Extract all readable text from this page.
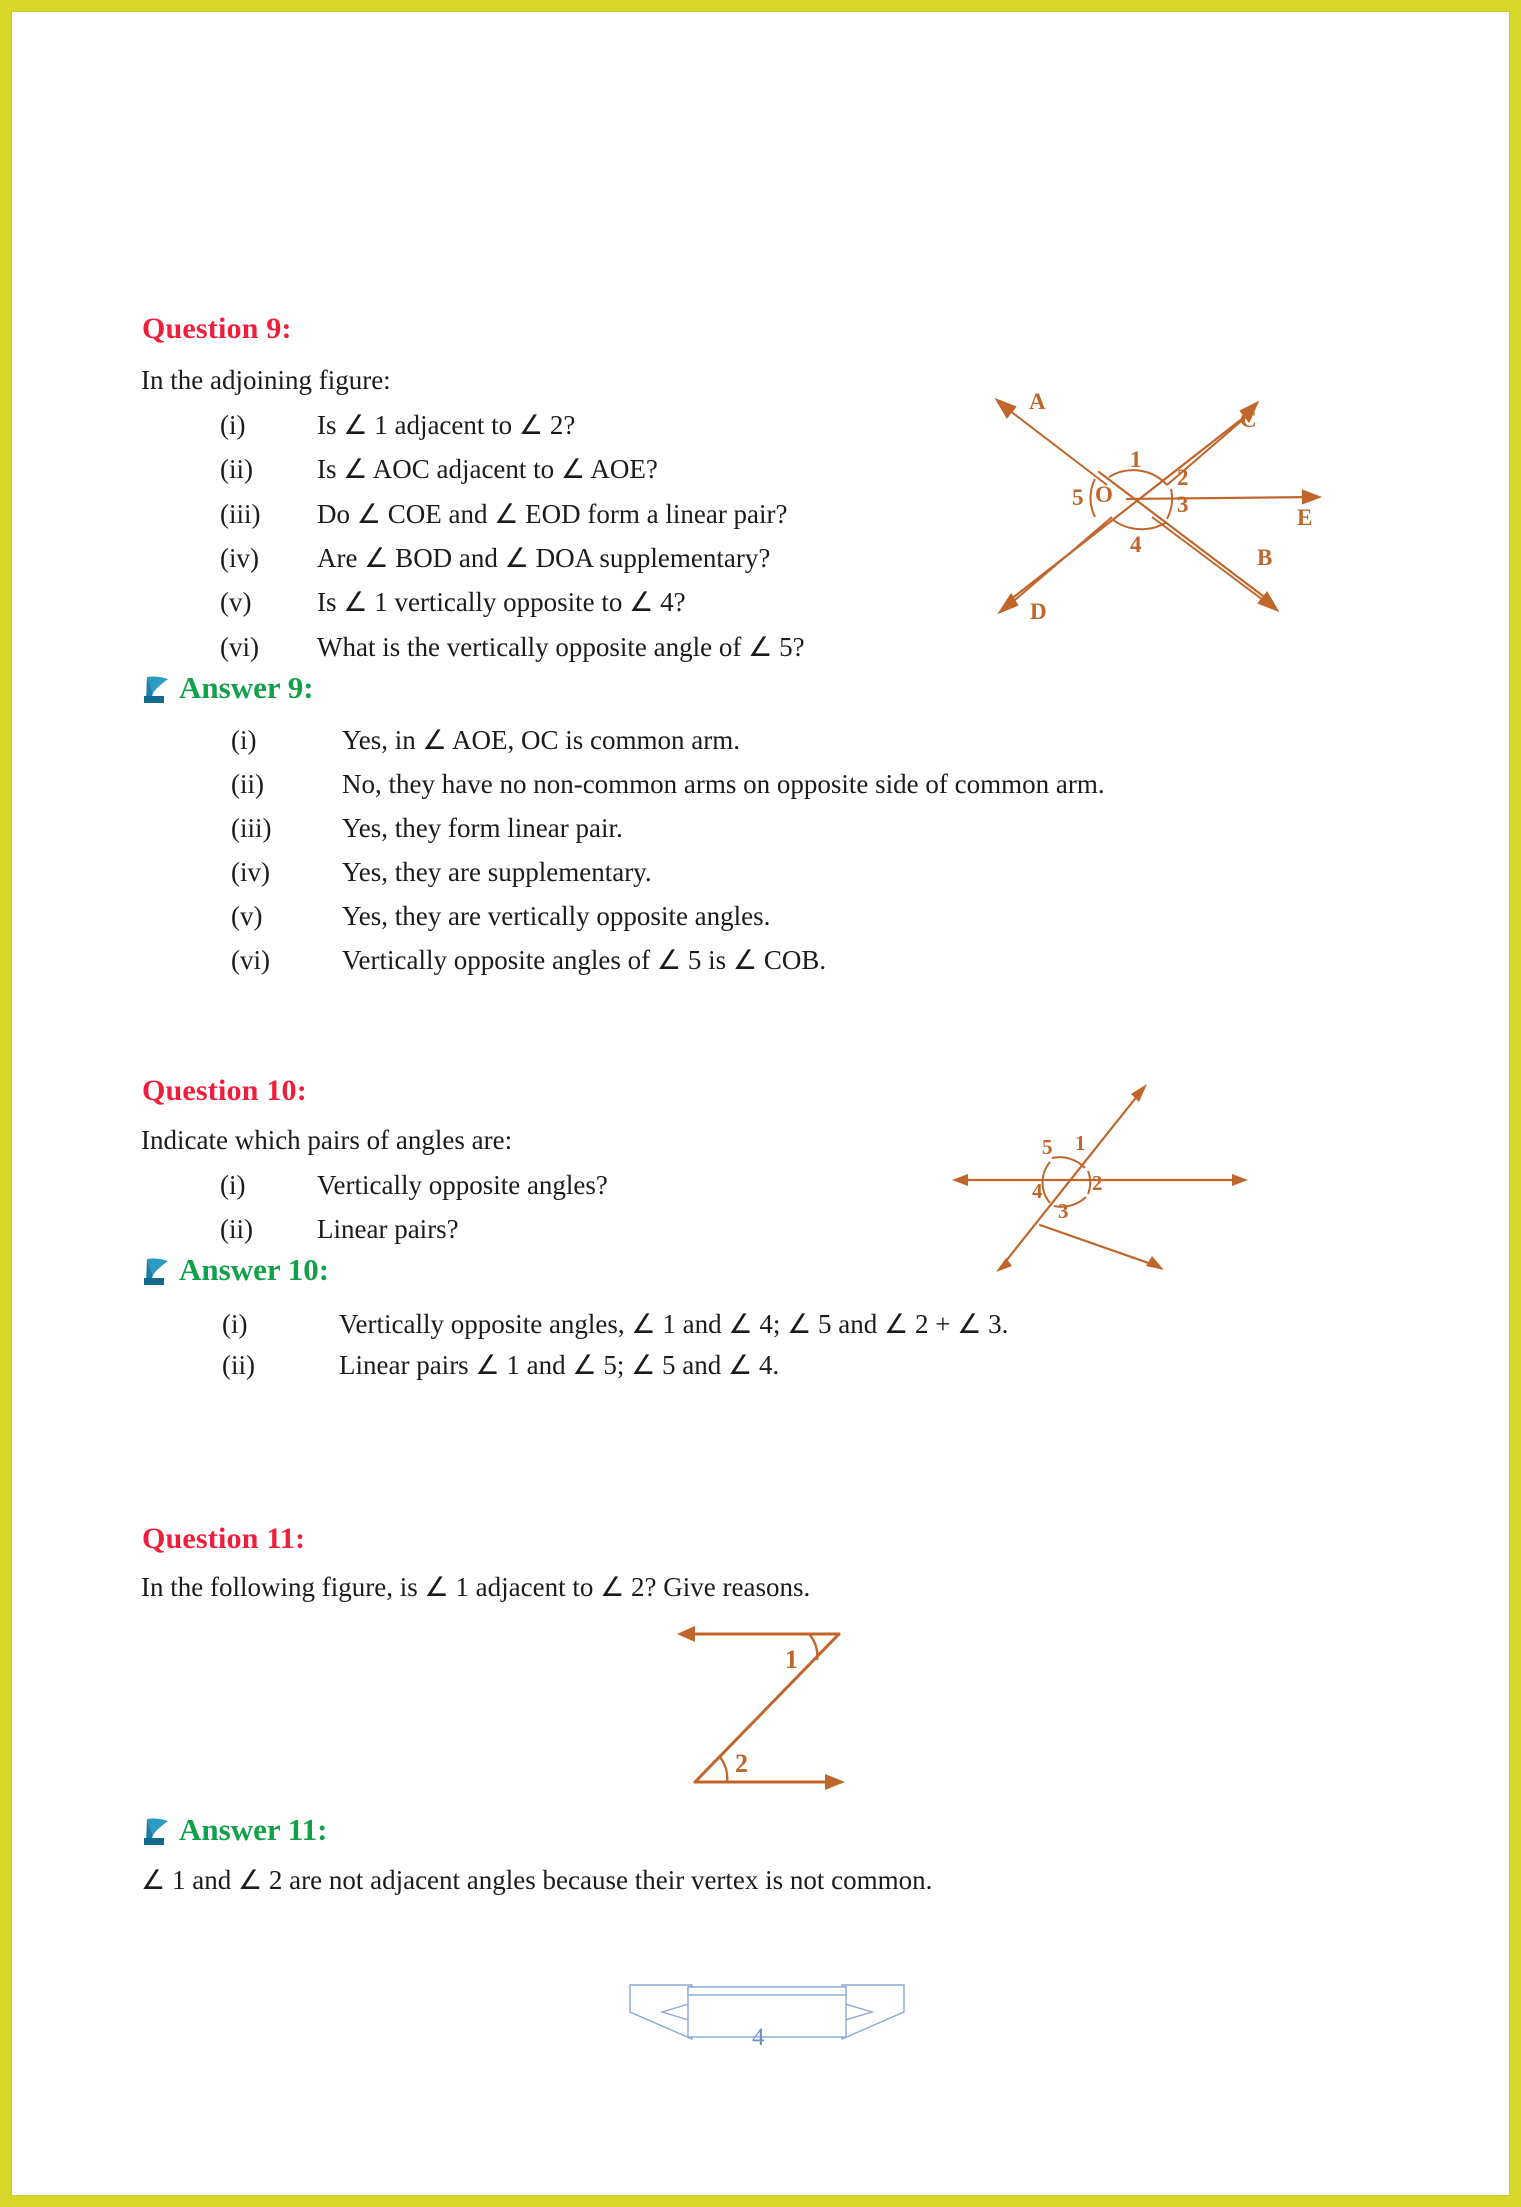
Question 9:
In the adjoining figure:
(i)	Is ∠ 1 adjacent to ∠ 2?
(ii) Is ∠ AOC adjacent to ∠ AOE?
(iii) Do ∠ COE and ∠ EOD form a linear pair?
(iv) Are ∠ BOD and ∠ DOA supplementary?
(v) Is ∠ 1 vertically opposite to ∠ 4?
(vi) What is the vertically opposite angle of ∠ 5?
A
C
E
B
D
O
1
2
3
4
5
Answer 9:
(i)	Yes, in ∠ AOE, OC is common arm.
(ii)	No, they have no non-common arms on opposite side of common arm.
(iii)	Yes, they form linear pair.
(iv)	Yes, they are supplementary.
(v)	Yes, they are vertically opposite angles.
(vi)	Vertically opposite angles of ∠ 5 is ∠ COB.
Question 10:
Indicate which pairs of angles are:
(i)	Vertically opposite angles?
(ii) Linear pairs?
5 1
2
3
4
Answer 10:
(i)	Vertically opposite angles, ∠ 1 and ∠ 4; ∠ 5 and ∠ 2 + ∠ 3.
(ii)	Linear pairs ∠ 1 and ∠ 5; ∠ 5 and ∠ 4.
Question 11:
In the following figure, is ∠ 1 adjacent to ∠ 2? Give reasons.
1
2
Answer 11:
∠ 1 and ∠ 2 are not adjacent angles because their vertex is not common.
4
